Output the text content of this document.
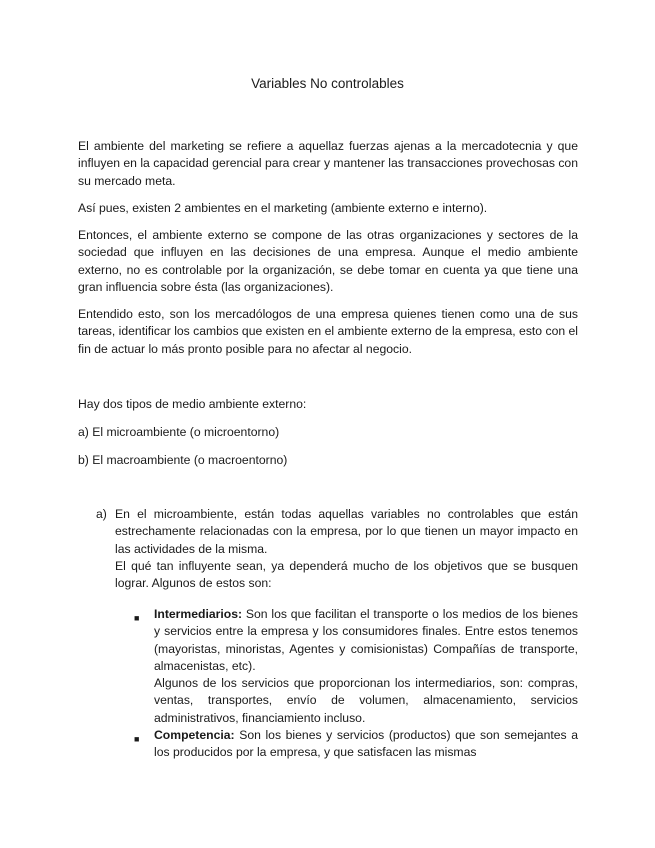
Variables No controlables

El ambiente del marketing se refiere a aquellaz fuerzas ajenas a la mercadotecnia y que influyen en la capacidad gerencial para crear y mantener las transacciones provechosas con su mercado meta.

Así pues, existen 2 ambientes en el marketing (ambiente externo e interno).

Entonces, el ambiente externo se compone de las otras organizaciones y sectores de la sociedad que influyen en las decisiones de una empresa. Aunque el medio ambiente externo, no es controlable por la organización, se debe tomar en cuenta ya que tiene una gran influencia sobre ésta (las organizaciones).

Entendido esto, son los mercadólogos de una empresa quienes tienen como una de sus tareas, identificar los cambios que existen en el ambiente externo de la empresa, esto con el fin de actuar lo más pronto posible para no afectar al negocio.

Hay dos tipos de medio ambiente externo:

a) El microambiente (o microentorno)

b) El macroambiente (o macroentorno)

a) En el microambiente, están todas aquellas variables no controlables que están estrechamente relacionadas con la empresa, por lo que tienen un mayor impacto en las actividades de la misma.

El qué tan influyente sean, ya dependerá mucho de los objetivos que se busquen lograr. Algunos de estos son:

■ Intermediarios: Son los que facilitan el transporte o los medios de los bienes y servicios entre la empresa y los consumidores finales. Entre estos tenemos (mayoristas, minoristas, Agentes y comisionistas) Compañías de transporte, almacenistas, etc).

Algunos de los servicios que proporcionan los intermediarios, son: compras, ventas, transportes, envío de volumen, almacenamiento, servicios administrativos, financiamiento incluso.

■ Competencia: Son los bienes y servicios (productos) que son semejantes a los producidos por la empresa, y que satisfacen las mismas
